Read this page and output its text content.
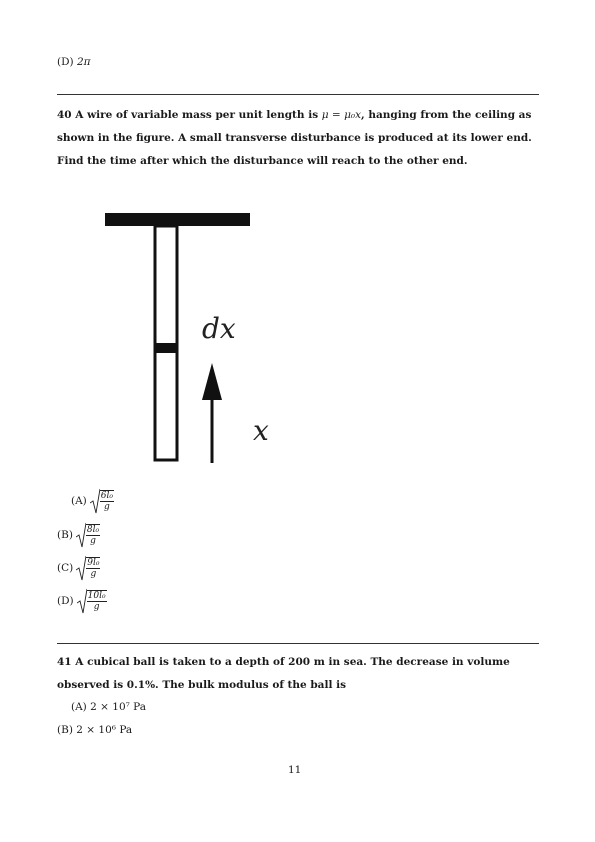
(D) 2π
40 A wire of variable mass per unit length is μ = μ₀x, hanging from the ceiling as
shown in the figure. A small transverse disturbance is produced at its lower end.
Find the time after which the disturbance will reach to the other end.
dx
x
$(A) \frac{\text{6l₀}}{g}$
$(B) \frac{\text{8l₀}}{g}$
$(C) \frac{\text{9l₀}}{g}$
$(D) \frac{\text{10l₀}}{g}$
41 A cubical ball is taken to a depth of 200 m in sea. The decrease in volume
observed is 0.1%. The bulk modulus of the ball is
(A) 2 × 10⁷ Pa
(B) 2 × 10⁶ Pa
11
